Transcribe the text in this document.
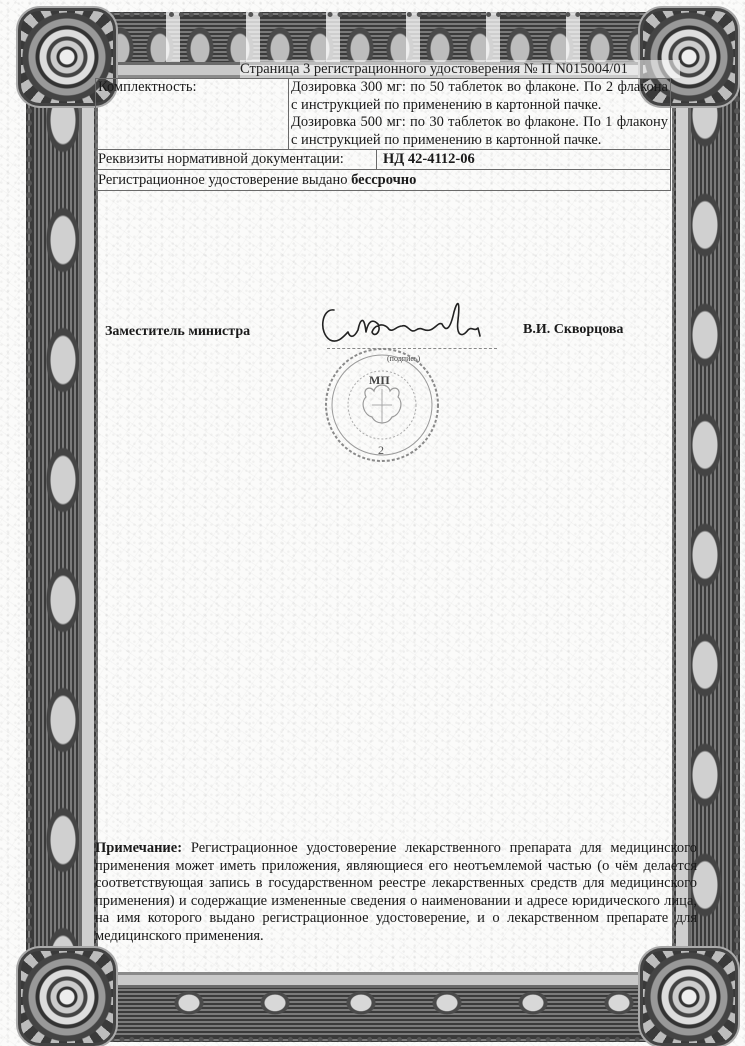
Страница 3 регистрационного удостоверения № П N015004/01
Комплектность:	Дозировка 300 мг: по 50 таблеток во флаконе. По 2 флакона с инструкцией по применению в картонной пачке.
Дозировка 500 мг: по 30 таблеток во флаконе. По 1 флакону с инструкцией по применению в картонной пачке.

Реквизиты нормативной документации:	НД 42-4112-06

Регистрационное удостоверение выдано бессрочно
Заместитель министра
(подпись)
В.И. Скворцова
МП
2
Примечание: Регистрационное удостоверение лекарственного препарата для медицинского применения может иметь приложения, являющиеся его неотъемлемой частью (о чём делается соответствующая запись в государственном реестре лекарственных средств для медицинского применения) и содержащие измененные сведения о наименовании и адресе юридического лица, на имя которого выдано регистрационное удостоверение, и о лекарственном препарате для медицинского применения.
